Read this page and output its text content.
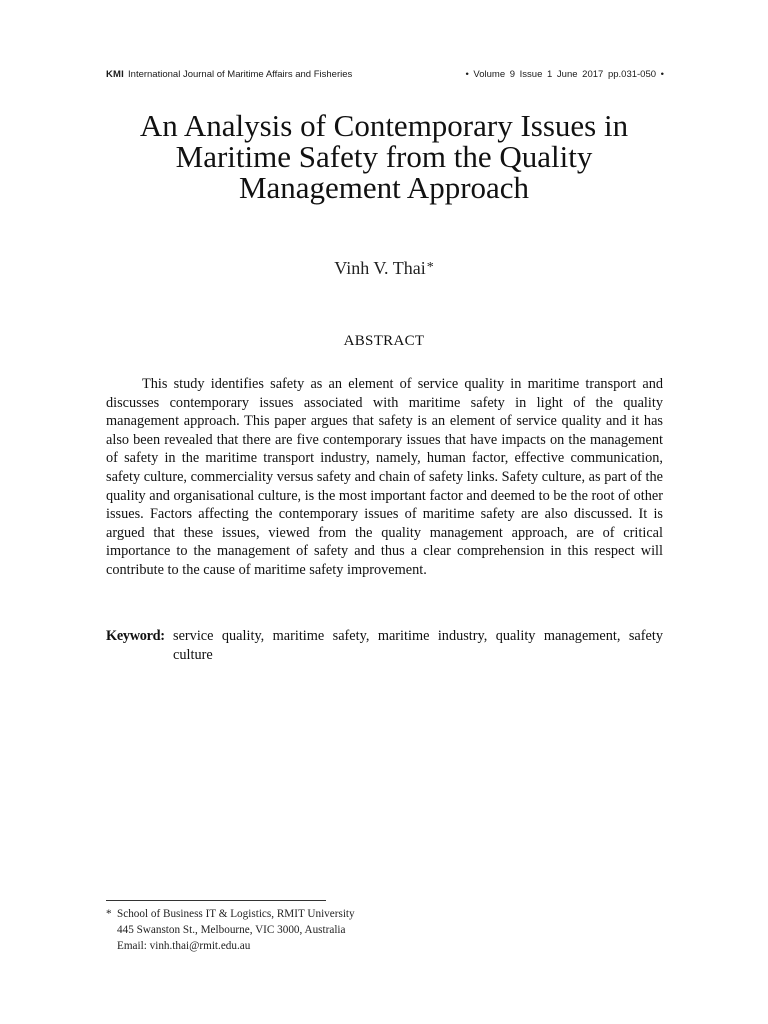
KMI International Journal of Maritime Affairs and Fisheries	• Volume 9 Issue 1 June 2017 pp.031-050 •
An Analysis of Contemporary Issues in
Maritime Safety from the Quality
Management Approach
Vinh V. Thai*
ABSTRACT

This study identifies safety as an element of service quality in maritime transport and discusses contemporary issues associated with maritime safety in light of the quality management approach. This paper argues that safety is an element of service quality and it has also been revealed that there are five contemporary issues that have impacts on the management of safety in the maritime transport industry, namely, human factor, effective communication, safety culture, commerciality versus safety and chain of safety links. Safety culture, as part of the quality and organisational culture, is the most important factor and deemed to be the root of other issues. Factors affecting the contemporary issues of maritime safety are also discussed. It is argued that these issues, viewed from the quality management approach, are of critical importance to the management of safety and thus a clear comprehension in this respect will contribute to the cause of maritime safety improvement.

Keyword: service quality, maritime safety, maritime industry, quality management, safety culture
* School of Business IT & Logistics, RMIT University
445 Swanston St., Melbourne, VIC 3000, Australia
Email: vinh.thai@rmit.edu.au
